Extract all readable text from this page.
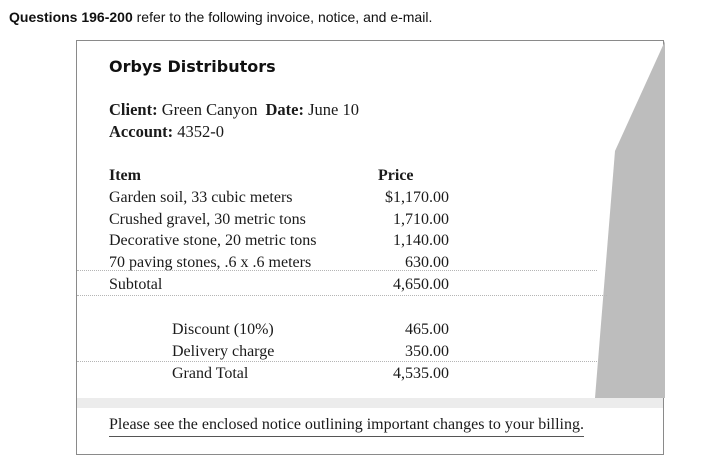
Questions 196-200 refer to the following invoice, notice, and e-mail.
Orbys Distributors
Client: Green Canyon Date: June 10
Account: 4352-0
Item
Garden soil, 33 cubic meters
Crushed gravel, 30 metric tons
Decorative stone, 20 metric tons
70 paving stones, .6 x .6 meters
Subtotal
Price
$1,170.00
1,710.00
1,140.00
630.00
4,650.00
Discount (10%)
Delivery charge
Grand Total
465.00
350.00
4,535.00
Please see the enclosed notice outlining important changes to your billing.
